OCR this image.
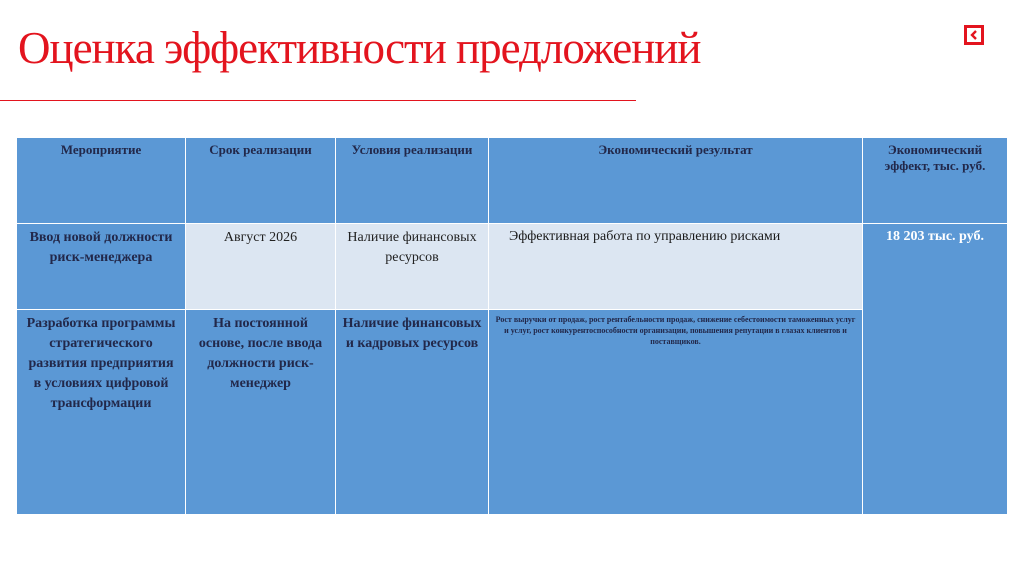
Оценка эффективности предложений
Мероприятие	Срок реализации	Условия реализации	Экономический результат	Экономический эффект, тыс. руб.
Ввод новой должности риск-менеджера	Август 2026	Наличие финансовых ресурсов	Эффективная работа по управлению рисками	18 203 тыс. руб.
Разработка программы стратегического развития предприятия в условиях цифровой трансформации	На постоянной основе, после ввода должности риск-менеджер	Наличие финансовых и кадровых ресурсов	Рост выручки от продаж, рост рентабельности продаж, снижение себестоимости таможенных услуг и услуг, рост конкурентоспособности организации, повышения репутации в глазах клиентов и поставщиков.	
